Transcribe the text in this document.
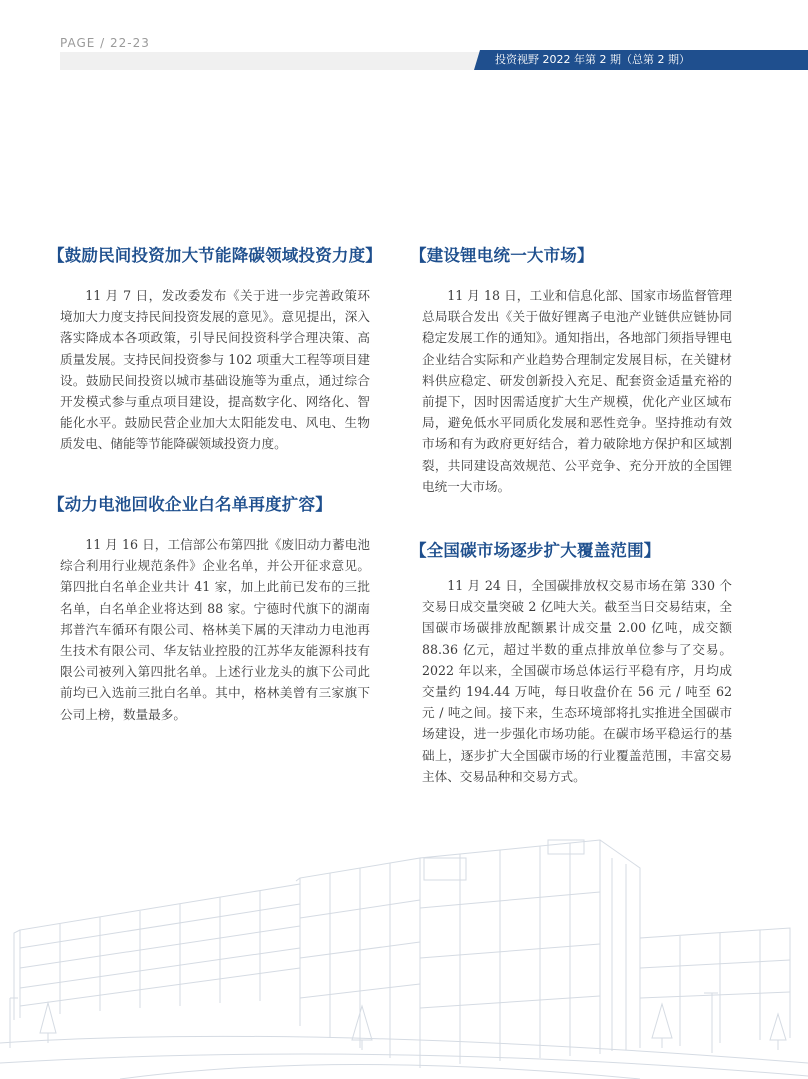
PAGE / 22-23
投资视野 2022 年第 2 期（总第 2 期）
【鼓励民间投资加大节能降碳领域投资力度】

11 月 7 日，发改委发布《关于进一步完善政策环境加大力度支持民间投资发展的意见》。意见提出，深入落实降成本各项政策，引导民间投资科学合理决策、高质量发展。支持民间投资参与 102 项重大工程等项目建设。鼓励民间投资以城市基础设施等为重点，通过综合开发模式参与重点项目建设，提高数字化、网络化、智能化水平。鼓励民营企业加大太阳能发电、风电、生物质发电、储能等节能降碳领域投资力度。

【动力电池回收企业白名单再度扩容】

11 月 16 日，工信部公布第四批《废旧动力蓄电池综合利用行业规范条件》企业名单，并公开征求意见。第四批白名单企业共计 41 家，加上此前已发布的三批名单，白名单企业将达到 88 家。宁德时代旗下的湖南邦普汽车循环有限公司、格林美下属的天津动力电池再生技术有限公司、华友钴业控股的江苏华友能源科技有限公司被列入第四批名单。上述行业龙头的旗下公司此前均已入选前三批白名单。其中，格林美曾有三家旗下公司上榜，数量最多。

【建设锂电统一大市场】

11 月 18 日，工业和信息化部、国家市场监督管理总局联合发出《关于做好锂离子电池产业链供应链协同稳定发展工作的通知》。通知指出，各地部门须指导锂电企业结合实际和产业趋势合理制定发展目标，在关键材料供应稳定、研发创新投入充足、配套资金适量充裕的前提下，因时因需适度扩大生产规模，优化产业区域布局，避免低水平同质化发展和恶性竞争。坚持推动有效市场和有为政府更好结合，着力破除地方保护和区域割裂，共同建设高效规范、公平竞争、充分开放的全国锂电统一大市场。

【全国碳市场逐步扩大覆盖范围】

11 月 24 日，全国碳排放权交易市场在第 330 个交易日成交量突破 2 亿吨大关。截至当日交易结束，全国碳市场碳排放配额累计成交量 2.00 亿吨，成交额 88.36 亿元，超过半数的重点排放单位参与了交易。2022 年以来，全国碳市场总体运行平稳有序，月均成交量约 194.44 万吨，每日收盘价在 56 元 / 吨至 62 元 / 吨之间。接下来，生态环境部将扎实推进全国碳市场建设，进一步强化市场功能。在碳市场平稳运行的基础上，逐步扩大全国碳市场的行业覆盖范围，丰富交易主体、交易品种和交易方式。
